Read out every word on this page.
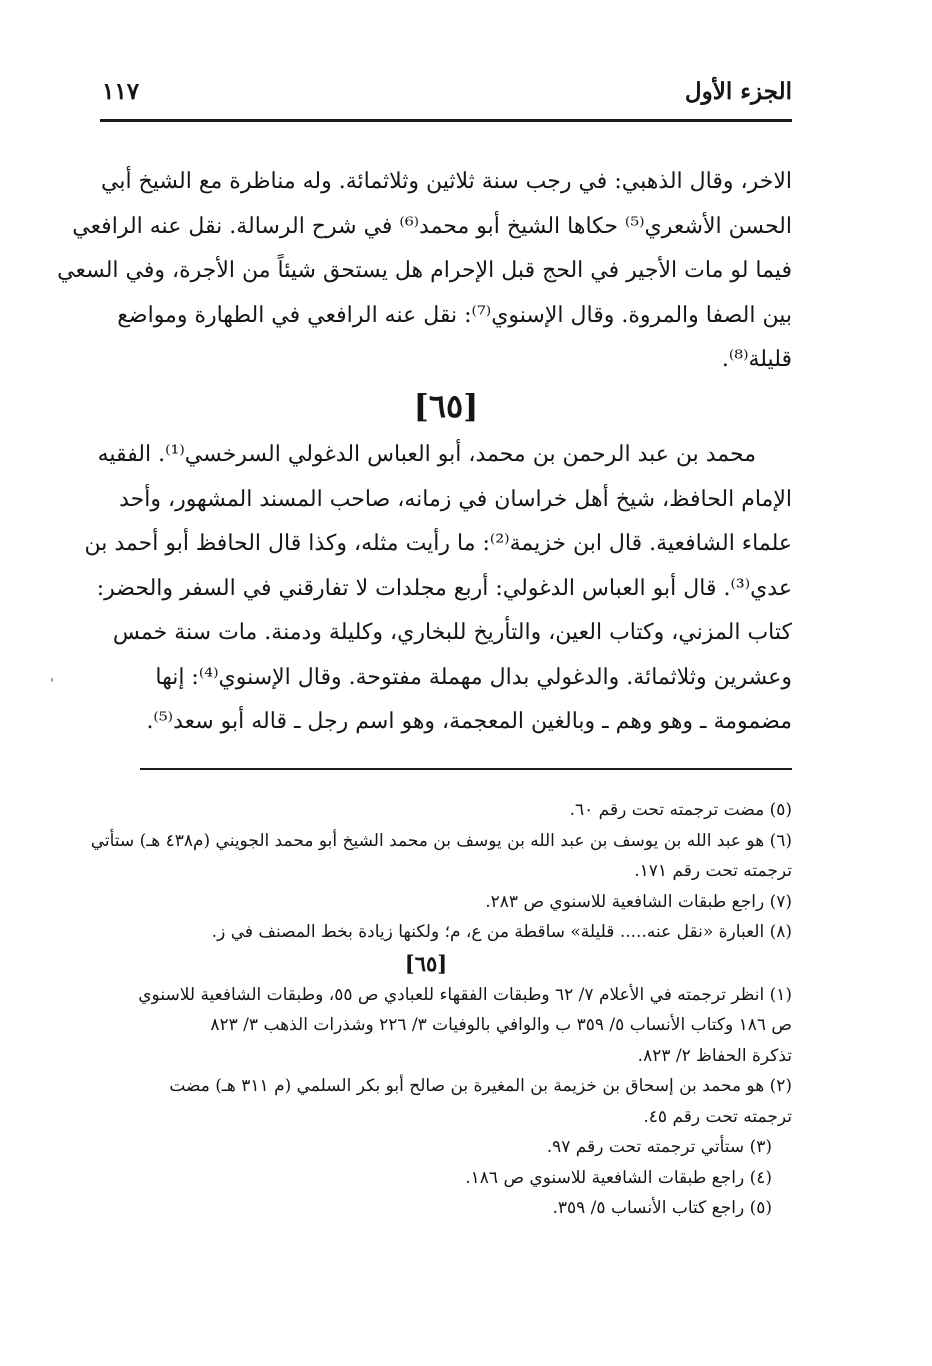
الجزء الأول
١١٧
الاخر، وقال الذهبي: في رجب سنة ثلاثين وثلاثمائة. وله مناظرة مع الشيخ أبي
الحسن الأشعري⁽⁵⁾ حكاها الشيخ أبو محمد⁽⁶⁾ في شرح الرسالة. نقل عنه الرافعي
فيما لو مات الأجير في الحج قبل الإحرام هل يستحق شيئاً من الأجرة، وفي السعي
بين الصفا والمروة. وقال الإسنوي⁽⁷⁾: نقل عنه الرافعي في الطهارة ومواضع
قليلة⁽⁸⁾.
[٦٥]
محمد بن عبد الرحمن بن محمد، أبو العباس الدغولي السرخسي⁽¹⁾. الفقيه
الإمام الحافظ، شيخ أهل خراسان في زمانه، صاحب المسند المشهور، وأحد
علماء الشافعية. قال ابن خزيمة⁽²⁾: ما رأيت مثله، وكذا قال الحافظ أبو أحمد بن
عدي⁽³⁾. قال أبو العباس الدغولي: أربع مجلدات لا تفارقني في السفر والحضر:
كتاب المزني، وكتاب العين، والتأريخ للبخاري، وكليلة ودمنة. مات سنة خمس
وعشرين وثلاثمائة. والدغولي بدال مهملة مفتوحة. وقال الإسنوي⁽⁴⁾: إنها
مضمومة ـ وهو وهم ـ وبالغين المعجمة، وهو اسم رجل ـ قاله أبو سعد⁽⁵⁾.
ˌ
(٥) مضت ترجمته تحت رقم ٦٠.
(٦) هو عبد الله بن يوسف بن عبد الله بن يوسف بن محمد الشيخ أبو محمد الجويني (م٤٣٨ هـ) ستأتي
ترجمته تحت رقم ١٧١.
(٧) راجع طبقات الشافعية للاسنوي ص ٢٨٣.
(٨) العبارة «نقل عنه..... قليلة» ساقطة من ع، م؛ ولكنها زيادة بخط المصنف في ز.
[٦٥]
(١) انظر ترجمته في الأعلام ٧/ ٦٢ وطبقات الفقهاء للعبادي ص ٥٥، وطبقات الشافعية للاسنوي
ص ١٨٦ وكتاب الأنساب ٥/ ٣٥٩ ب والوافي بالوفيات ٣/ ٢٢٦ وشذرات الذهب ٣/ ٨٢٣
تذكرة الحفاظ ٢/ ٨٢٣.
(٢) هو محمد بن إسحاق بن خزيمة بن المغيرة بن صالح أبو بكر السلمي (م ٣١١ هـ) مضت
ترجمته تحت رقم ٤٥.
(٣) ستأتي ترجمته تحت رقم ٩٧.
(٤) راجع طبقات الشافعية للاسنوي ص ١٨٦.
(٥) راجع كتاب الأنساب ٥/ ٣٥٩.
